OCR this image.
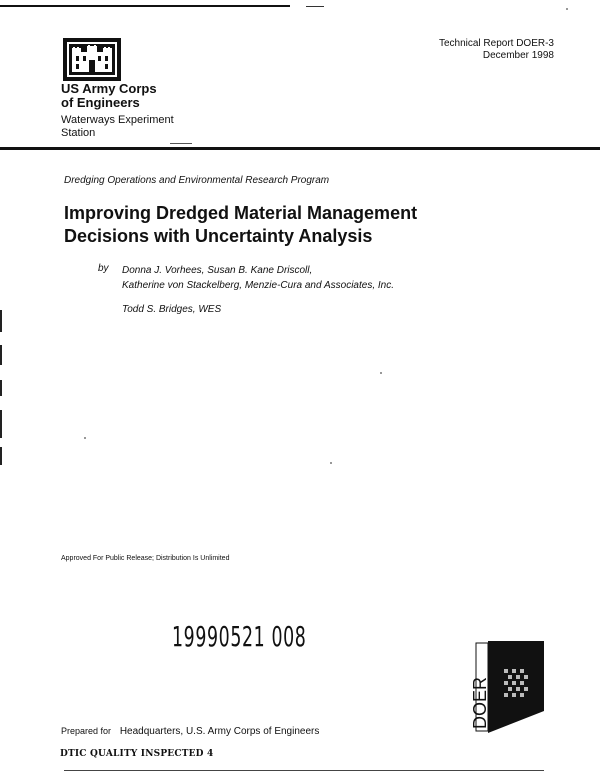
US Army Corps
of Engineers
Waterways Experiment
Station
Technical Report DOER-3
December 1998
Dredging Operations and Environmental Research Program
Improving Dredged Material Management
Decisions with Uncertainty Analysis
by Donna J. Vorhees, Susan B. Kane Driscoll,
Katherine von Stackelberg, Menzie-Cura and Associates, Inc.
Todd S. Bridges, WES
Approved For Public Release; Distribution Is Unlimited
19990521 008
DOER
Prepared for Headquarters, U.S. Army Corps of Engineers
DTIC QUALITY INSPECTED 4
